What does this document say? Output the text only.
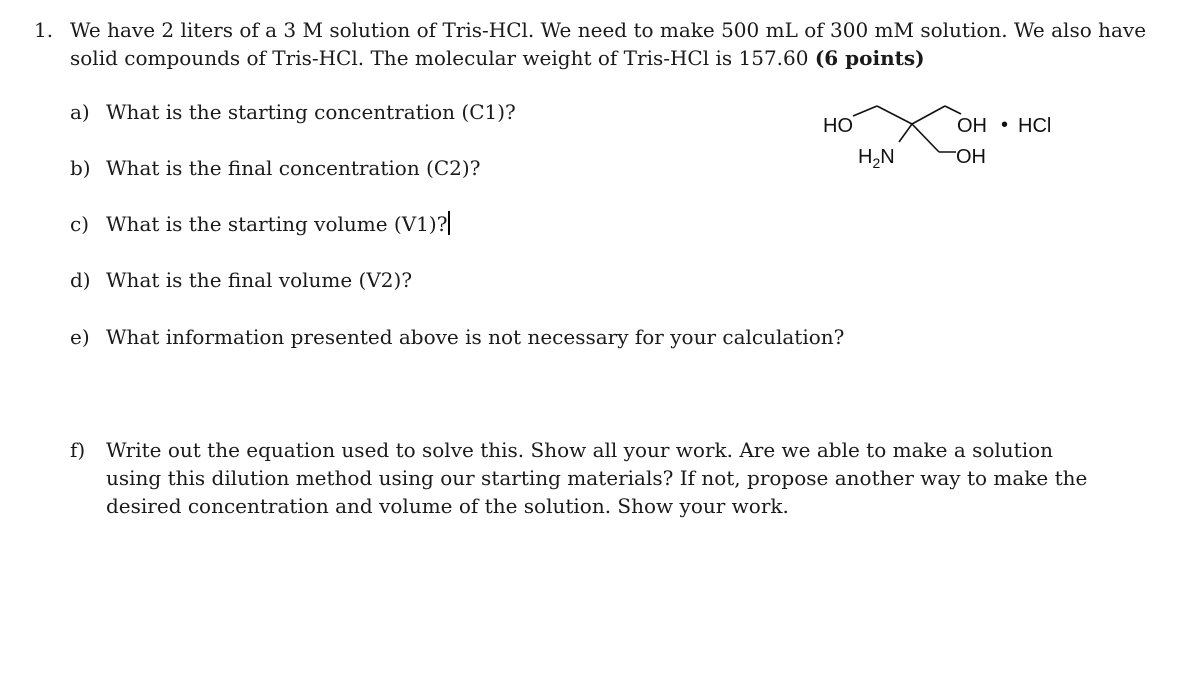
1. We have 2 liters of a 3 M solution of Tris-HCl. We need to make 500 mL of 300 mM solution. We also have solid compounds of Tris-HCl. The molecular weight of Tris-HCl is 157.60 (6 points)
a) What is the starting concentration (C1)?
b) What is the final concentration (C2)?
c) What is the starting volume (V1)?
d) What is the final volume (V2)?
e) What information presented above is not necessary for your calculation?
f) Write out the equation used to solve this. Show all your work. Are we able to make a solution using this dilution method using our starting materials? If not, propose another way to make the desired concentration and volume of the solution. Show your work.
HO	OH • HCl
$H_2N$	OH
